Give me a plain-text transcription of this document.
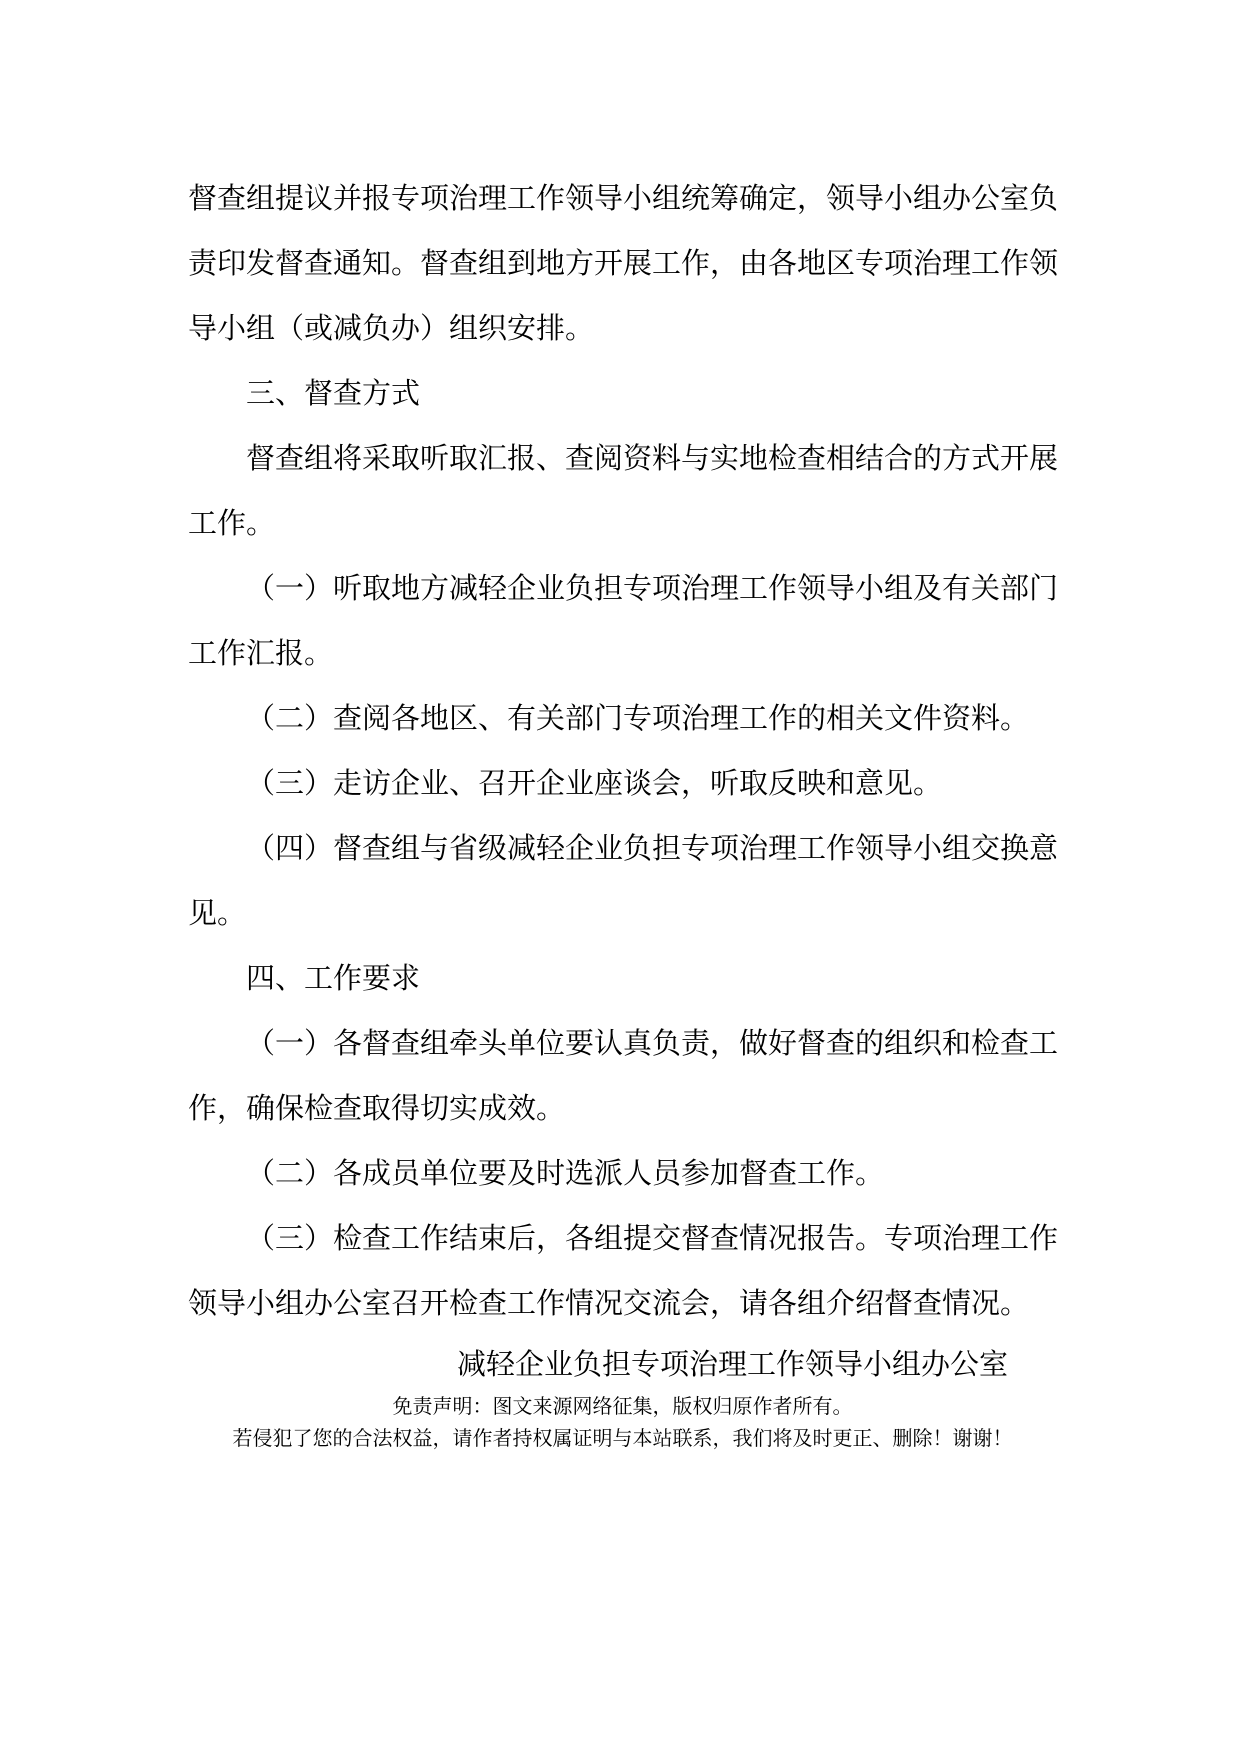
督查组提议并报专项治理工作领导小组统筹确定，领导小组办公室负责印发督查通知。督查组到地方开展工作，由各地区专项治理工作领导小组（或减负办）组织安排。

三、督查方式

督查组将采取听取汇报、查阅资料与实地检查相结合的方式开展工作。

（一）听取地方减轻企业负担专项治理工作领导小组及有关部门工作汇报。

（二）查阅各地区、有关部门专项治理工作的相关文件资料。

（三）走访企业、召开企业座谈会，听取反映和意见。

（四）督查组与省级减轻企业负担专项治理工作领导小组交换意见。

四、工作要求

（一）各督查组牵头单位要认真负责，做好督查的组织和检查工作，确保检查取得切实成效。

（二）各成员单位要及时选派人员参加督查工作。

（三）检查工作结束后，各组提交督查情况报告。专项治理工作领导小组办公室召开检查工作情况交流会，请各组介绍督查情况。

减轻企业负担专项治理工作领导小组办公室
免责声明：图文来源网络征集，版权归原作者所有。
若侵犯了您的合法权益，请作者持权属证明与本站联系，我们将及时更正、删除！谢谢！
